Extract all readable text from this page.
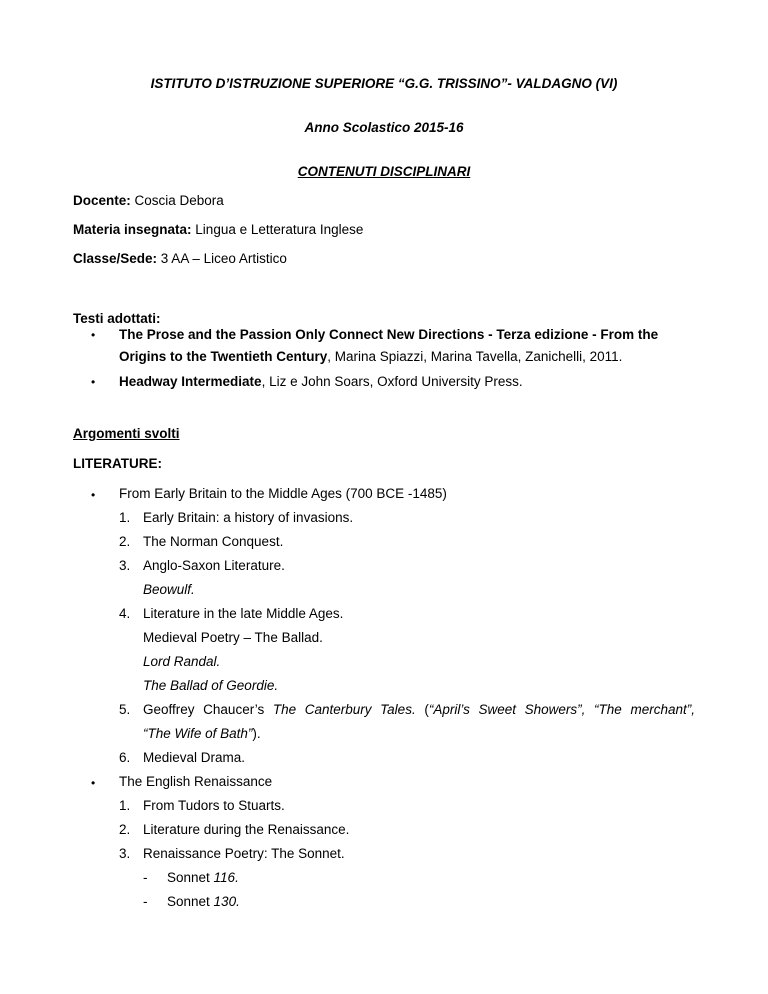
ISTITUTO D’ISTRUZIONE SUPERIORE “G.G. TRISSINO”- VALDAGNO (VI)
Anno Scolastico 2015-16
CONTENUTI DISCIPLINARI
Docente: Coscia Debora
Materia insegnata: Lingua e Letteratura Inglese
Classe/Sede: 3 AA – Liceo Artistico
Testi adottati:
• The Prose and the Passion Only Connect New Directions - Terza edizione - From the
Origins to the Twentieth Century, Marina Spiazzi, Marina Tavella, Zanichelli, 2011.
• Headway Intermediate, Liz e John Soars, Oxford University Press.
Argomenti svolti
LITERATURE:
• From Early Britain to the Middle Ages (700 BCE -1485)
1. Early Britain: a history of invasions.
2. The Norman Conquest.
3. Anglo-Saxon Literature.
Beowulf.
4. Literature in the late Middle Ages.
Medieval Poetry – The Ballad.
Lord Randal.
The Ballad of Geordie.
5. Geoffrey Chaucer’s The Canterbury Tales. (“April’s Sweet Showers”, “The merchant”,
“The Wife of Bath”).
6. Medieval Drama.
• The English Renaissance
1. From Tudors to Stuarts.
2. Literature during the Renaissance.
3. Renaissance Poetry: The Sonnet.
- Sonnet 116.
- Sonnet 130.
